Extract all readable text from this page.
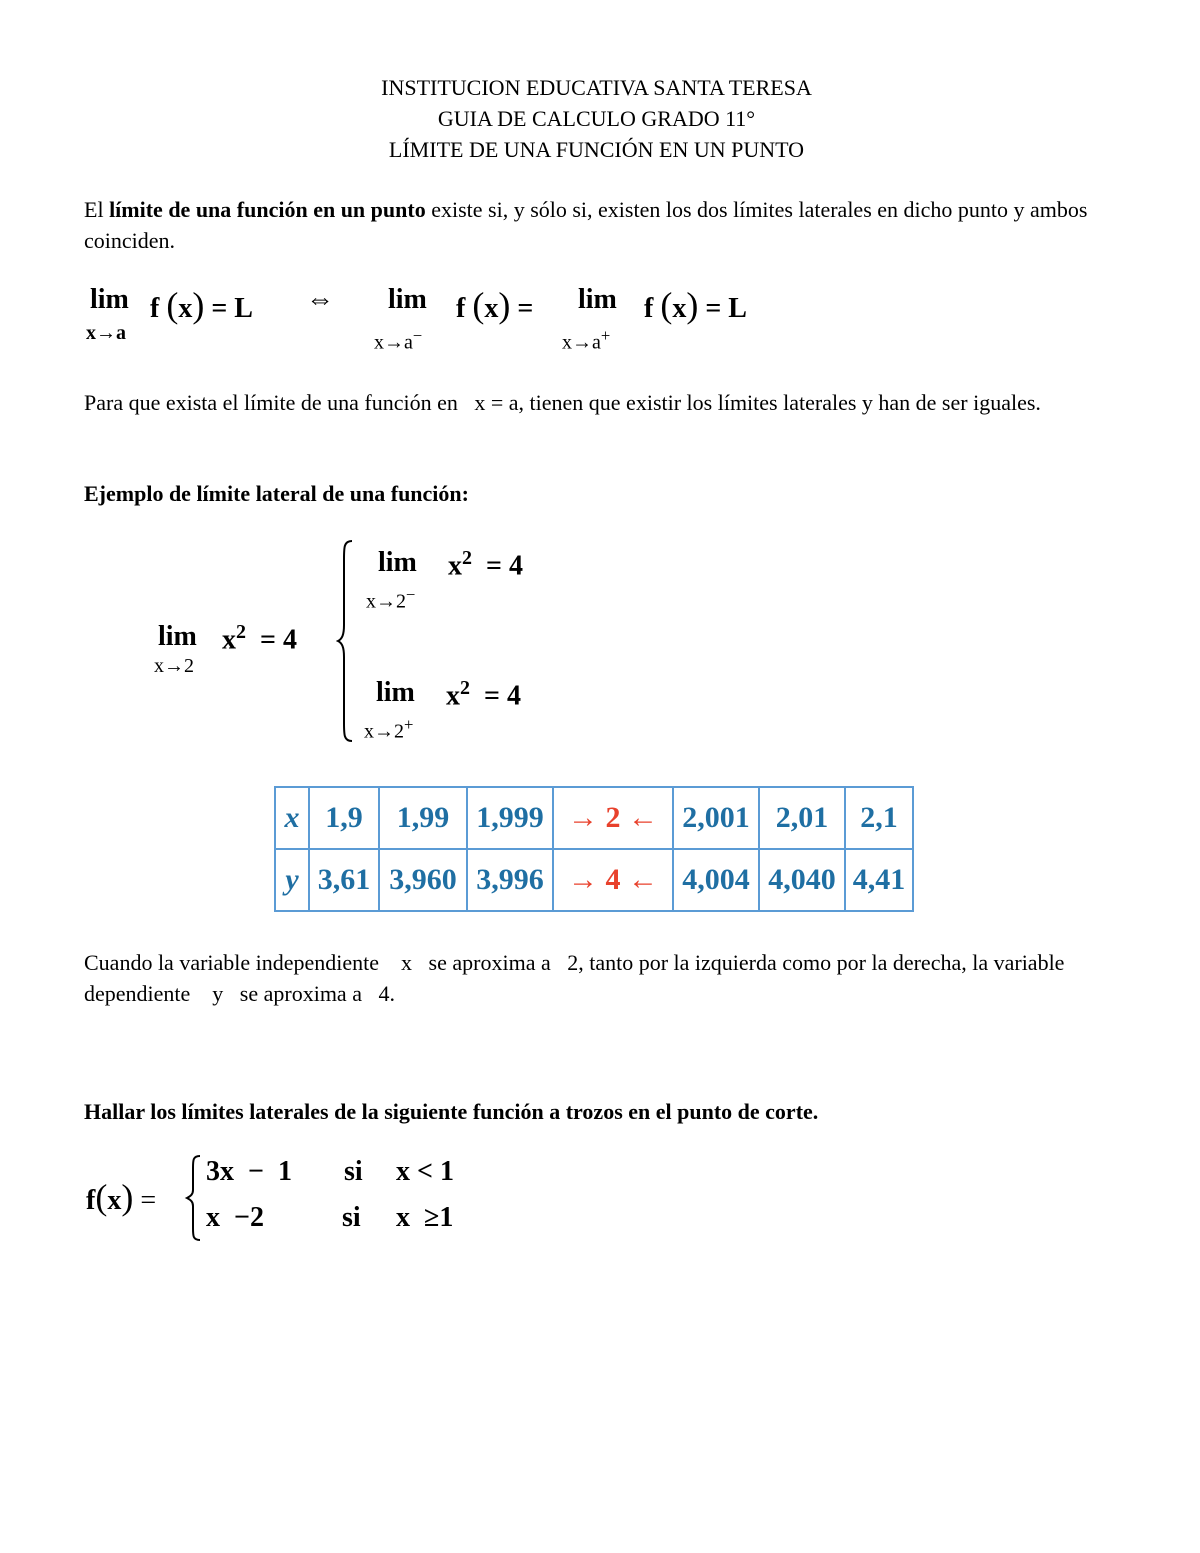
INSTITUCION EDUCATIVA SANTA TERESA
GUIA DE CALCULO GRADO 11°
LÍMITE DE UNA FUNCIÓN EN UN PUNTO
El límite de una función en un punto existe si, y sólo si, existen los dos límites laterales en dicho punto y ambos coinciden.
lim
x→a
f (x) = L ⇔ lim
x→a−
f (x) = lim
x→a+
f (x) = L
Para que exista el límite de una función en   x = a, tienen que existir los límites laterales y han de ser iguales.
Ejemplo de límite lateral de una función:
lim
x→2
$x^2 = 4$
lim
x→2−
$x^2 = 4$
lim
x→2+
$x^2 = 4$
x	1,9	1,99	1,999	→ 2 ←	2,001	2,01	2,1
y	3,61	3,960	3,996	→ 4 ←	4,004	4,040	4,41
Cuando la variable independiente    x   se aproxima a   2, tanto por la izquierda como por la derecha, la variable dependiente    y   se aproxima a   4.
Hallar los límites laterales de la siguiente función a trozos en el punto de corte.
f(x) =
3x  −  1 si x < 1
x  −2	si x  ≥1
